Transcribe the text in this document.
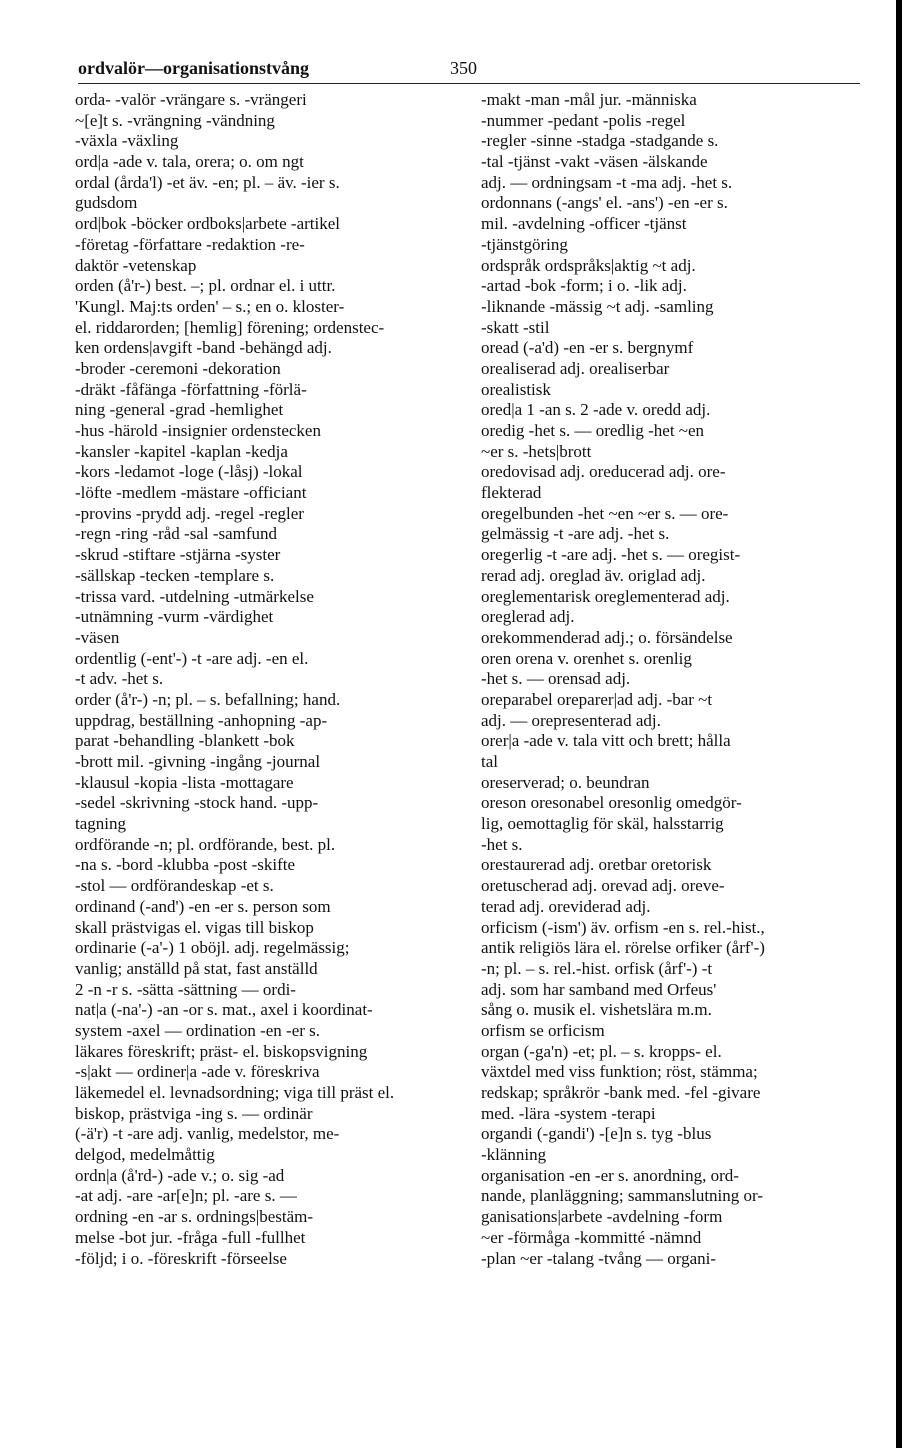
ordvalör—organisationstvång	350
orda- -valör -vrängare s. -vrängeri
~[e]t s. -vrängning -vändning
-växla -växling
ord|a -ade v. tala, orera; o. om ngt
ordal (årda'l) -et äv. -en; pl. – äv. -ier s.
gudsdom
ord|bok -böcker ordboks|arbete -artikel
-företag -författare -redaktion -re-
daktör -vetenskap
orden (å'r-) best. –; pl. ordnar el. i uttr.
'Kungl. Maj:ts orden' – s.; en o. kloster-
el. riddarorden; [hemlig] förening; ordenstec-
ken ordens|avgift -band -behängd adj.
-broder -ceremoni -dekoration
-dräkt -fåfänga -författning -förlä-
ning -general -grad -hemlighet
-hus -härold -insignier ordenstecken
-kansler -kapitel -kaplan -kedja
-kors -ledamot -loge (-låsj) -lokal
-löfte -medlem -mästare -officiant
-provins -prydd adj. -regel -regler
-regn -ring -råd -sal -samfund
-skrud -stiftare -stjärna -syster
-sällskap -tecken -templare s.
-trissa vard. -utdelning -utmärkelse
-utnämning -vurm -värdighet
-väsen
ordentlig (-ent'-) -t -are adj. -en el.
-t adv. -het s.
order (å'r-) -n; pl. – s. befallning; hand.
uppdrag, beställning -anhopning -ap-
parat -behandling -blankett -bok
-brott mil. -givning -ingång -journal
-klausul -kopia -lista -mottagare
-sedel -skrivning -stock hand. -upp-
tagning
ordförande -n; pl. ordförande, best. pl.
-na s. -bord -klubba -post -skifte
-stol — ordförandeskap -et s.
ordinand (-and') -en -er s. person som
skall prästvigas el. vigas till biskop
ordinarie (-a'-) 1 oböjl. adj. regelmässig;
vanlig; anställd på stat, fast anställd
2 -n -r s. -sätta -sättning — ordi-
nat|a (-na'-) -an -or s. mat., axel i koordinat-
system -axel — ordination -en -er s.
läkares föreskrift; präst- el. biskopsvigning
-s|akt — ordiner|a -ade v. föreskriva
läkemedel el. levnadsordning; viga till präst el.
biskop, prästviga -ing s. — ordinär
(-ä'r) -t -are adj. vanlig, medelstor, me-
delgod, medelmåttig
ordn|a (å'rd-) -ade v.; o. sig -ad
-at adj. -are -ar[e]n; pl. -are s. —
ordning -en -ar s. ordnings|bestäm-
melse -bot jur. -fråga -full -fullhet
-följd; i o. -föreskrift -förseelse
-makt -man -mål jur. -människa
-nummer -pedant -polis -regel
-regler -sinne -stadga -stadgande s.
-tal -tjänst -vakt -väsen -älskande
adj. — ordningsam -t -ma adj. -het s.
ordonnans (-angs' el. -ans') -en -er s.
mil. -avdelning -officer -tjänst
-tjänstgöring
ordspråk ordspråks|aktig ~t adj.
-artad -bok -form; i o. -lik adj.
-liknande -mässig ~t adj. -samling
-skatt -stil
oread (-a'd) -en -er s. bergnymf
orealiserad adj. orealiserbar
orealistisk
ored|a 1 -an s. 2 -ade v. oredd adj.
oredig -het s. — oredlig -het ~en
~er s. -hets|brott
oredovisad adj. oreducerad adj. ore-
flekterad
oregelbunden -het ~en ~er s. — ore-
gelmässig -t -are adj. -het s.
oregerlig -t -are adj. -het s. — oregist-
rerad adj. oreglad äv. origlad adj.
oreglementarisk oreglementerad adj.
oreglerad adj.
orekommenderad adj.; o. försändelse
oren orena v. orenhet s. orenlig
-het s. — orensad adj.
oreparabel oreparer|ad adj. -bar ~t
adj. — orepresenterad adj.
orer|a -ade v. tala vitt och brett; hålla
tal
oreserverad; o. beundran
oreson oresonabel oresonlig omedgör-
lig, oemottaglig för skäl, halsstarrig
-het s.
orestaurerad adj. oretbar oretorisk
oretuscherad adj. orevad adj. oreve-
terad adj. oreviderad adj.
orficism (-ism') äv. orfism -en s. rel.-hist.,
antik religiös lära el. rörelse orfiker (årf'-)
-n; pl. – s. rel.-hist. orfisk (årf'-) -t
adj. som har samband med Orfeus'
sång o. musik el. vishetslära m.m.
orfism se orficism
organ (-ga'n) -et; pl. – s. kropps- el.
växtdel med viss funktion; röst, stämma;
redskap; språkrör -bank med. -fel -givare
med. -lära -system -terapi
organdi (-gandi') -[e]n s. tyg -blus
-klänning
organisation -en -er s. anordning, ord-
nande, planläggning; sammanslutning or-
ganisations|arbete -avdelning -form
~er -förmåga -kommitté -nämnd
-plan ~er -talang -tvång — organi-
